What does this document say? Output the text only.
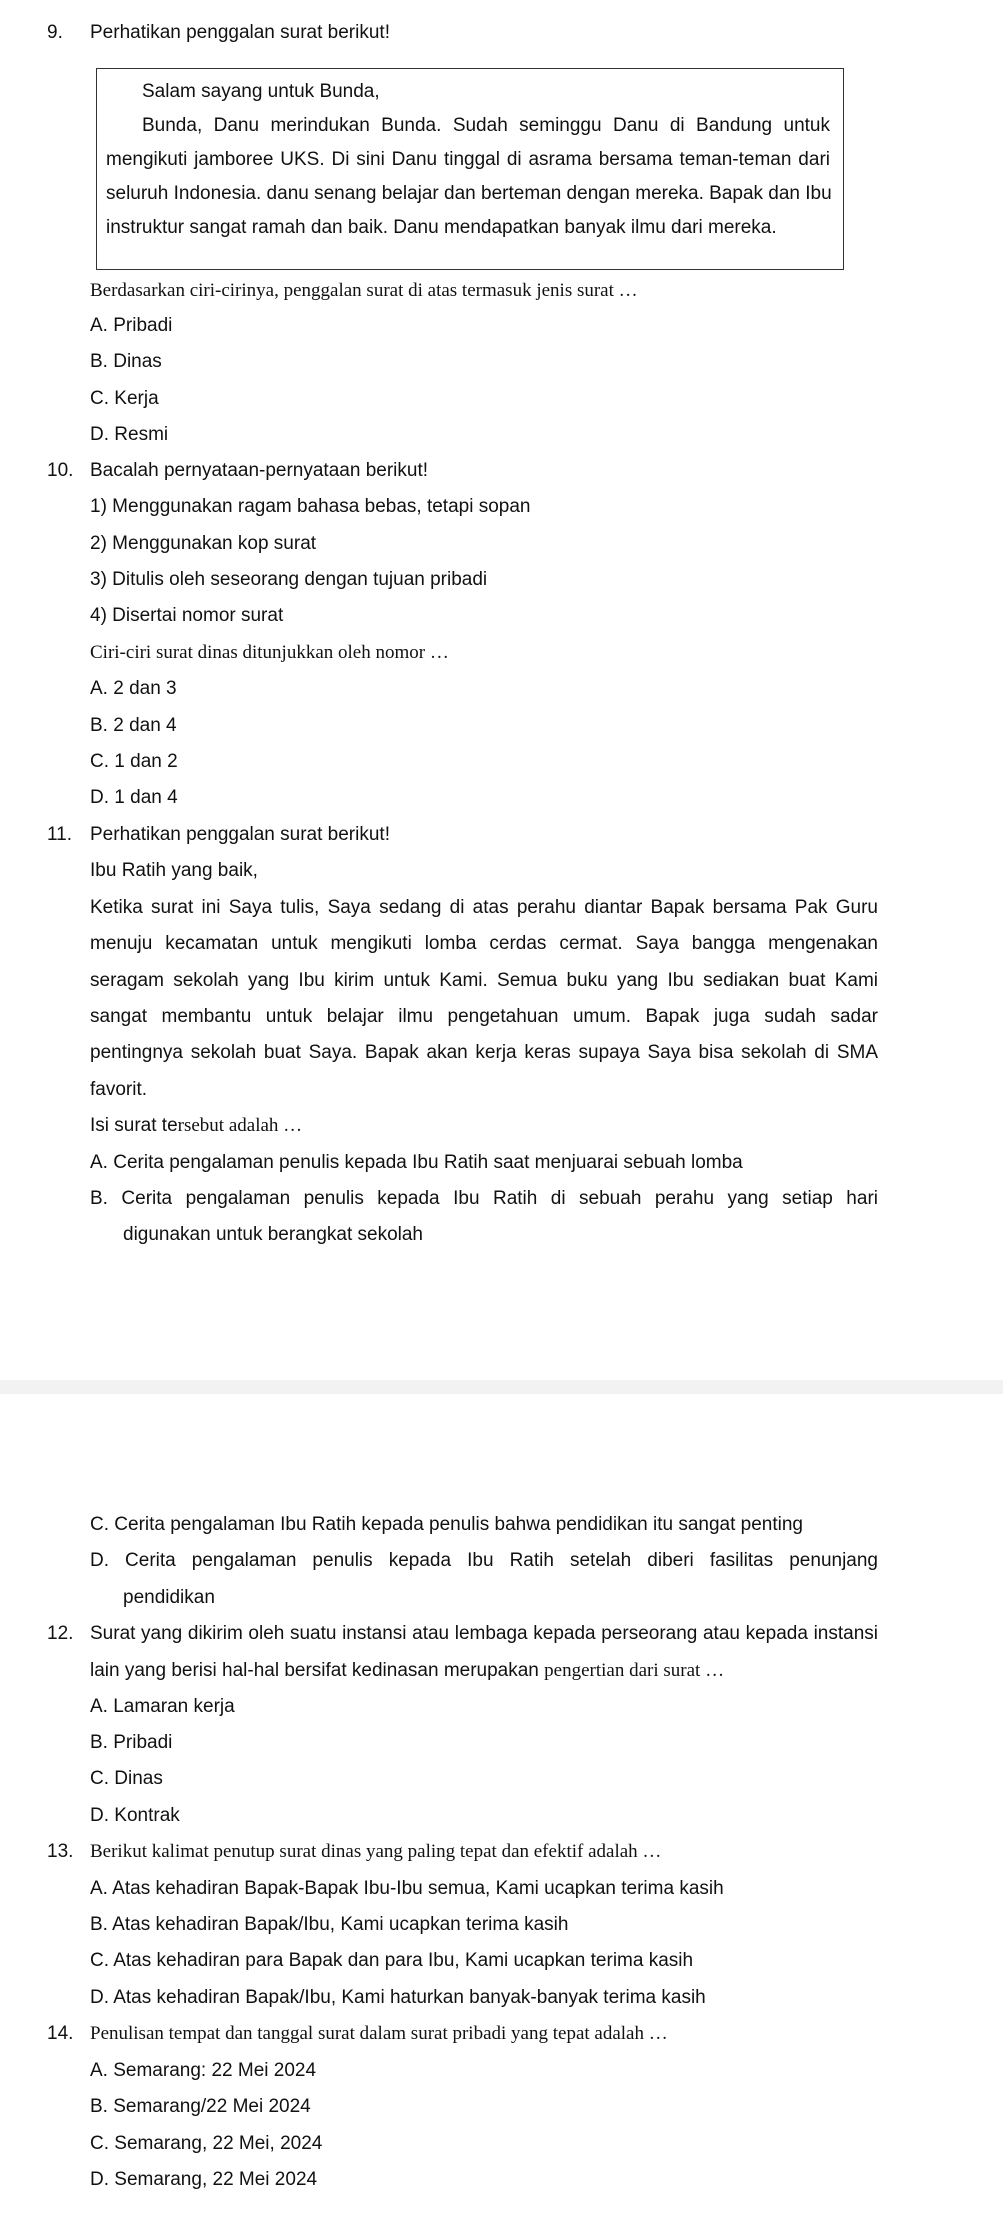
9. Perhatikan penggalan surat berikut!
Salam sayang untuk Bunda,
Bunda, Danu merindukan Bunda. Sudah seminggu Danu di Bandung untuk
mengikuti jamboree UKS. Di sini Danu tinggal di asrama bersama teman-teman dari
seluruh Indonesia. danu senang belajar dan berteman dengan mereka. Bapak dan Ibu
instruktur sangat ramah dan baik. Danu mendapatkan banyak ilmu dari mereka.
Berdasarkan ciri-cirinya, penggalan surat di atas termasuk jenis surat …
A. Pribadi
B. Dinas
C. Kerja
D. Resmi
10. Bacalah pernyataan-pernyataan berikut!
1) Menggunakan ragam bahasa bebas, tetapi sopan
2) Menggunakan kop surat
3) Ditulis oleh seseorang dengan tujuan pribadi
4) Disertai nomor surat
Ciri-ciri surat dinas ditunjukkan oleh nomor …
A. 2 dan 3
B. 2 dan 4
C. 1 dan 2
D. 1 dan 4
11. Perhatikan penggalan surat berikut!
Ibu Ratih yang baik,
Ketika surat ini Saya tulis, Saya sedang di atas perahu diantar Bapak bersama Pak Guru
menuju kecamatan untuk mengikuti lomba cerdas cermat. Saya bangga mengenakan
seragam sekolah yang Ibu kirim untuk Kami. Semua buku yang Ibu sediakan buat Kami
sangat membantu untuk belajar ilmu pengetahuan umum. Bapak juga sudah sadar
pentingnya sekolah buat Saya. Bapak akan kerja keras supaya Saya bisa sekolah di SMA
favorit.
Isi surat tersebut adalah …
A. Cerita pengalaman penulis kepada Ibu Ratih saat menjuarai sebuah lomba
B. Cerita pengalaman penulis kepada Ibu Ratih di sebuah perahu yang setiap hari
digunakan untuk berangkat sekolah
C. Cerita pengalaman Ibu Ratih kepada penulis bahwa pendidikan itu sangat penting
D. Cerita pengalaman penulis kepada Ibu Ratih setelah diberi fasilitas penunjang
pendidikan
12. Surat yang dikirim oleh suatu instansi atau lembaga kepada perseorang atau kepada instansi
lain yang berisi hal-hal bersifat kedinasan merupakan pengertian dari surat …
A. Lamaran kerja
B. Pribadi
C. Dinas
D. Kontrak
13. Berikut kalimat penutup surat dinas yang paling tepat dan efektif adalah …
A. Atas kehadiran Bapak-Bapak Ibu-Ibu semua, Kami ucapkan terima kasih
B. Atas kehadiran Bapak/Ibu, Kami ucapkan terima kasih
C. Atas kehadiran para Bapak dan para Ibu, Kami ucapkan terima kasih
D. Atas kehadiran Bapak/Ibu, Kami haturkan banyak-banyak terima kasih
14. Penulisan tempat dan tanggal surat dalam surat pribadi yang tepat adalah …
A. Semarang: 22 Mei 2024
B. Semarang/22 Mei 2024
C. Semarang, 22 Mei, 2024
D. Semarang, 22 Mei 2024
